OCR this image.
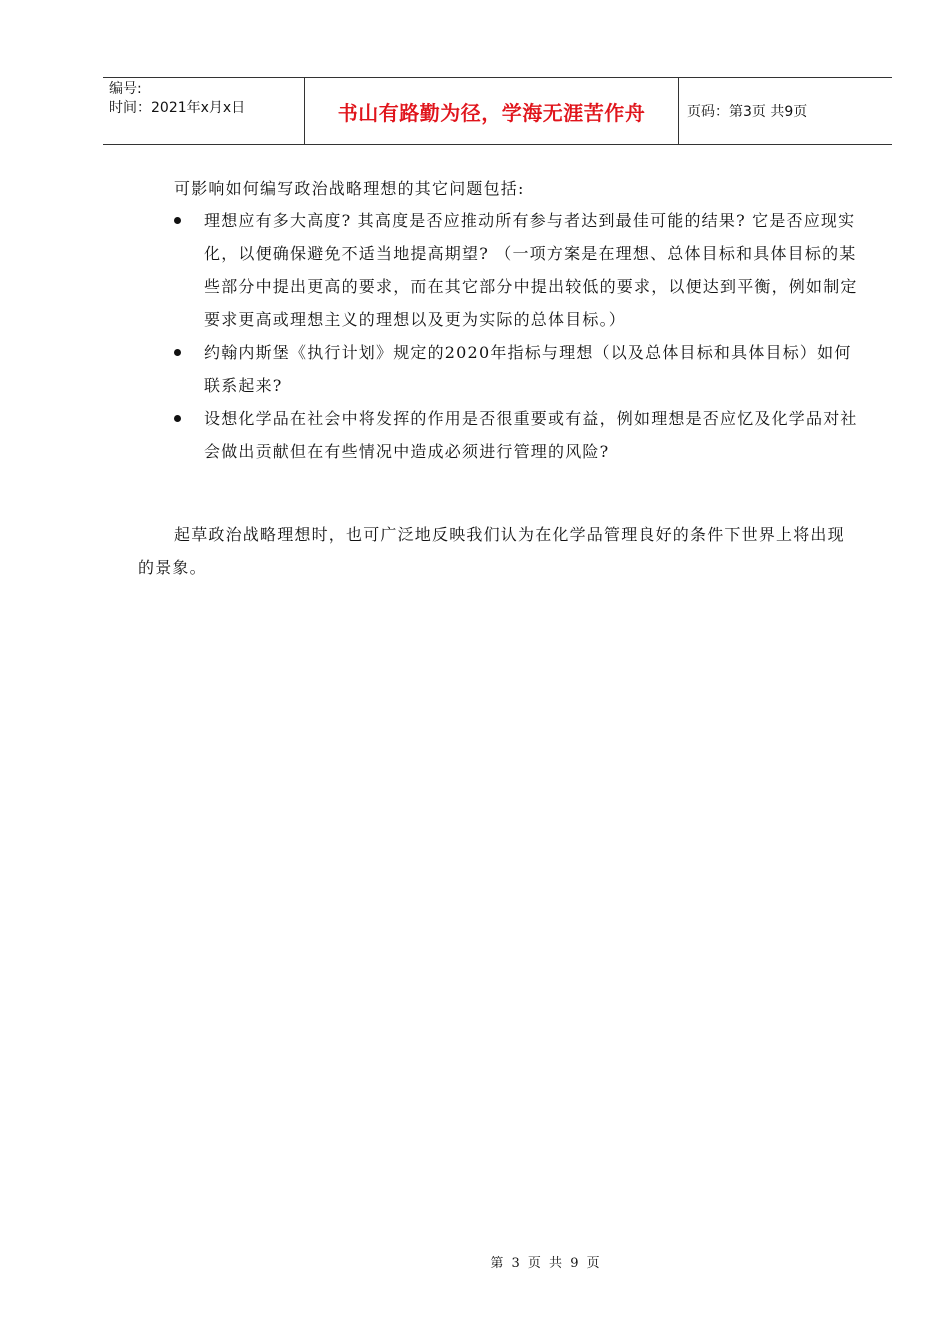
编号:
时间：2021年x月x日	书山有路勤为径，学海无涯苦作舟	页码：第3页 共9页
可影响如何编写政治战略理想的其它问题包括:
理想应有多大高度? 其高度是否应推动所有参与者达到最佳可能的结果? 它是否应现实化，以便确保避免不适当地提高期望? （一项方案是在理想、总体目标和具体目标的某些部分中提出更高的要求，而在其它部分中提出较低的要求，以便达到平衡，例如制定要求更高或理想主义的理想以及更为实际的总体目标。）
约翰内斯堡《执行计划》规定的2020年指标与理想（以及总体目标和具体目标）如何联系起来?
设想化学品在社会中将发挥的作用是否很重要或有益，例如理想是否应忆及化学品对社会做出贡献但在有些情况中造成必须进行管理的风险?
起草政治战略理想时，也可广泛地反映我们认为在化学品管理良好的条件下世界上将出现的景象。
第 3 页 共 9 页
